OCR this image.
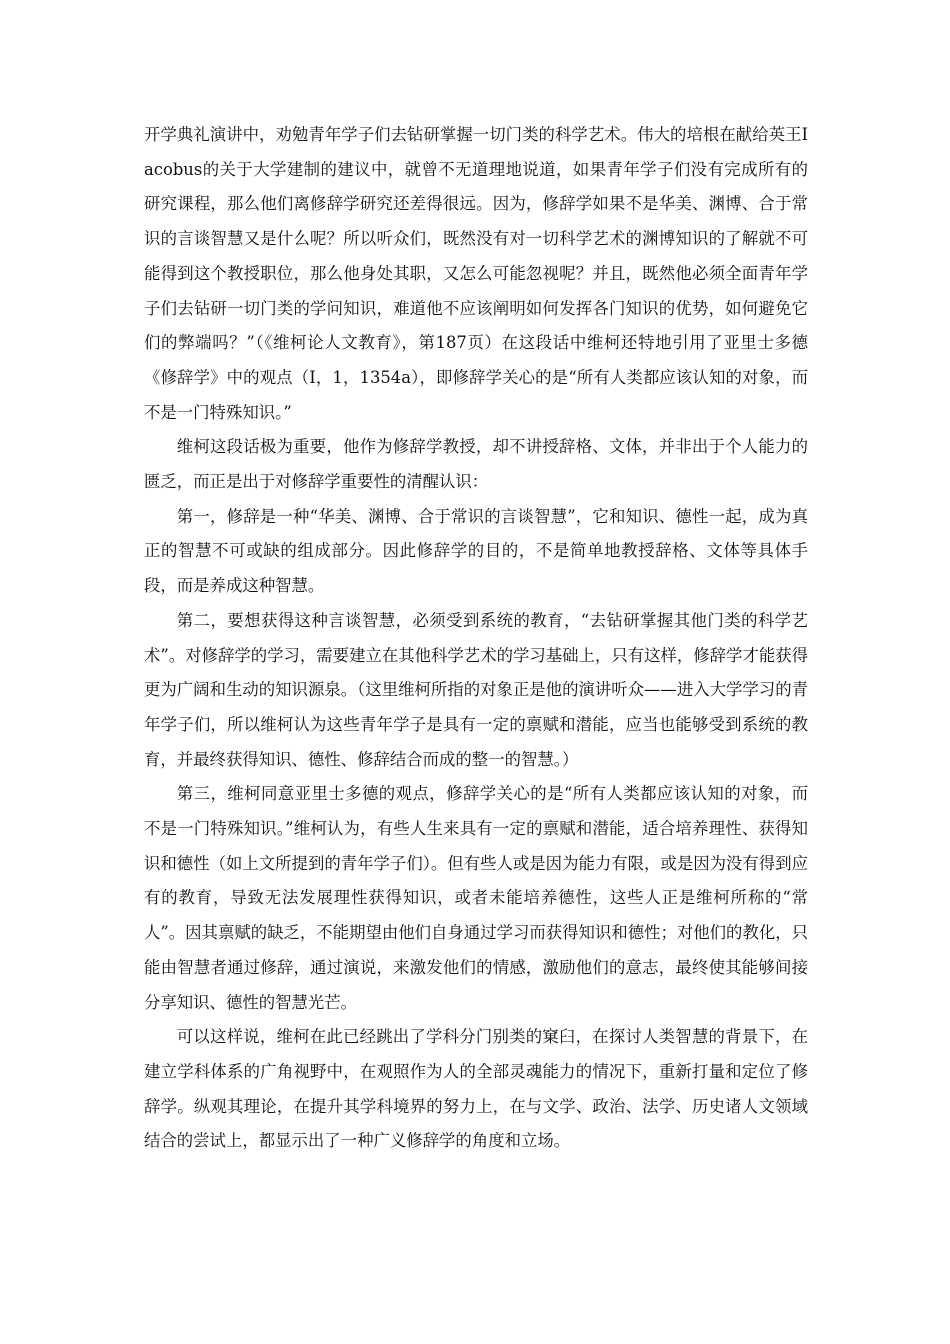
开学典礼演讲中，劝勉青年学子们去钻研掌握一切门类的科学艺术。伟大的培根在献给英王Iacobus的关于大学建制的建议中，就曾不无道理地说道，如果青年学子们没有完成所有的研究课程，那么他们离修辞学研究还差得很远。因为，修辞学如果不是华美、渊博、合于常识的言谈智慧又是什么呢？所以听众们，既然没有对一切科学艺术的渊博知识的了解就不可能得到这个教授职位，那么他身处其职，又怎么可能忽视呢？并且，既然他必须全面青年学子们去钻研一切门类的学问知识，难道他不应该阐明如何发挥各门知识的优势，如何避免它们的弊端吗？”（《维柯论人文教育》，第187页）在这段话中维柯还特地引用了亚里士多德《修辞学》中的观点（I，1，1354a），即修辞学关心的是“所有人类都应该认知的对象，而不是一门特殊知识。”

维柯这段话极为重要，他作为修辞学教授，却不讲授辞格、文体，并非出于个人能力的匮乏，而正是出于对修辞学重要性的清醒认识：

第一，修辞是一种“华美、渊博、合于常识的言谈智慧”，它和知识、德性一起，成为真正的智慧不可或缺的组成部分。因此修辞学的目的，不是简单地教授辞格、文体等具体手段，而是养成这种智慧。

第二，要想获得这种言谈智慧，必须受到系统的教育，“去钻研掌握其他门类的科学艺术”。对修辞学的学习，需要建立在其他科学艺术的学习基础上，只有这样，修辞学才能获得更为广阔和生动的知识源泉。（这里维柯所指的对象正是他的演讲听众——进入大学学习的青年学子们，所以维柯认为这些青年学子是具有一定的禀赋和潜能，应当也能够受到系统的教育，并最终获得知识、德性、修辞结合而成的整一的智慧。）

第三，维柯同意亚里士多德的观点，修辞学关心的是“所有人类都应该认知的对象，而不是一门特殊知识。”维柯认为，有些人生来具有一定的禀赋和潜能，适合培养理性、获得知识和德性（如上文所提到的青年学子们）。但有些人或是因为能力有限，或是因为没有得到应有的教育，导致无法发展理性获得知识，或者未能培养德性，这些人正是维柯所称的“常人”。因其禀赋的缺乏，不能期望由他们自身通过学习而获得知识和德性；对他们的教化，只能由智慧者通过修辞，通过演说，来激发他们的情感，激励他们的意志，最终使其能够间接分享知识、德性的智慧光芒。

可以这样说，维柯在此已经跳出了学科分门别类的窠臼，在探讨人类智慧的背景下，在建立学科体系的广角视野中，在观照作为人的全部灵魂能力的情况下，重新打量和定位了修辞学。纵观其理论，在提升其学科境界的努力上，在与文学、政治、法学、历史诸人文领域结合的尝试上，都显示出了一种广义修辞学的角度和立场。
